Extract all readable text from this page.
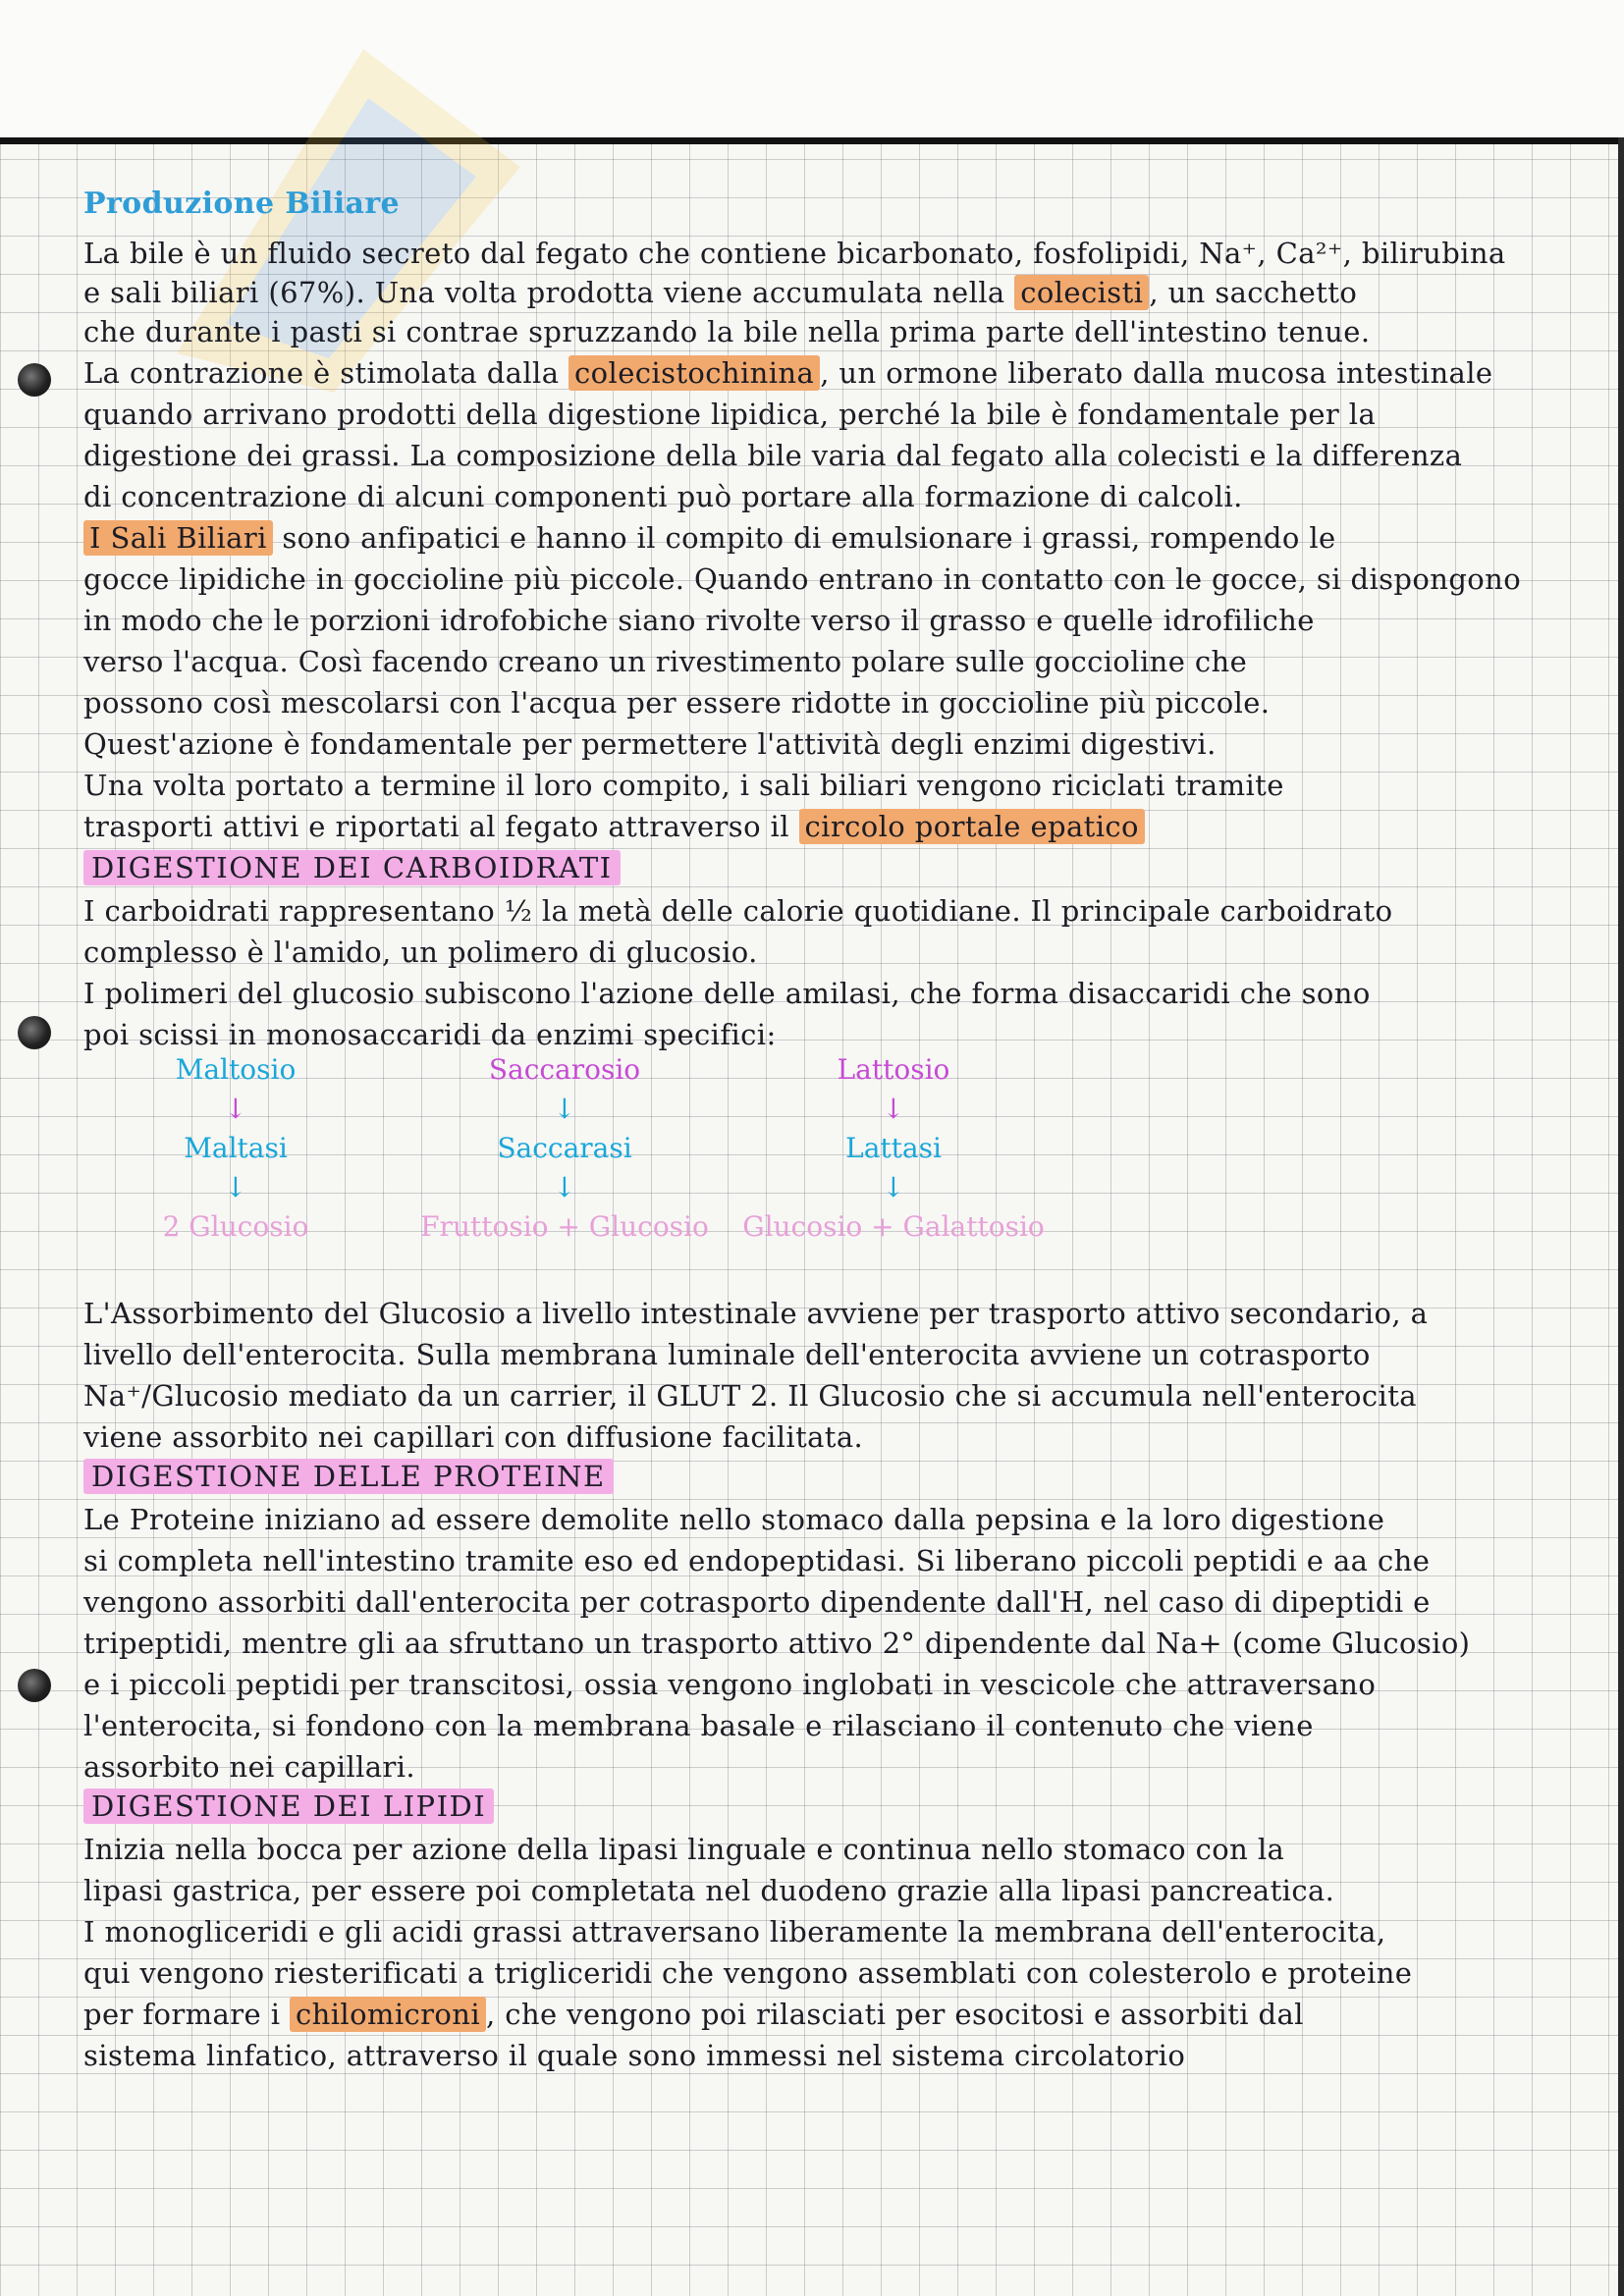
Produzione Biliare
La bile è un fluido secreto dal fegato che contiene bicarbonato, fosfolipidi, Na⁺, Ca²⁺, bilirubina
e sali biliari (67%). Una volta prodotta viene accumulata nella colecisti , un sacchetto
che durante i pasti si contrae spruzzando la bile nella prima parte dell'intestino tenue.
La contrazione è stimolata dalla colecistochinina , un ormone liberato dalla mucosa intestinale
quando arrivano prodotti della digestione lipidica, perché la bile è fondamentale per la
digestione dei grassi. La composizione della bile varia dal fegato alla colecisti e la differenza
di concentrazione di alcuni componenti può portare alla formazione di calcoli.
I Sali Biliari sono anfipatici e hanno il compito di emulsionare i grassi, rompendo le
gocce lipidiche in goccioline più piccole. Quando entrano in contatto con le gocce, si dispongono
in modo che le porzioni idrofobiche siano rivolte verso il grasso e quelle idrofiliche
verso l'acqua. Così facendo creano un rivestimento polare sulle goccioline che
possono così mescolarsi con l'acqua per essere ridotte in goccioline più piccole.
Quest'azione è fondamentale per permettere l'attività degli enzimi digestivi.
Una volta portato a termine il loro compito, i sali biliari vengono riciclati tramite
trasporti attivi e riportati al fegato attraverso il circolo portale epatico
DIGESTIONE DEI CARBOIDRATI
I carboidrati rappresentano ½ la metà delle calorie quotidiane. Il principale carboidrato
complesso è l'amido, un polimero di glucosio.
I polimeri del glucosio subiscono l'azione delle amilasi, che forma disaccaridi che sono
poi scissi in monosaccaridi da enzimi specifici:
Maltosio
↓
Maltasi
↓
2 Glucosio
Saccarosio
↓
Saccarasi
↓
Fruttosio + Glucosio
Lattosio
↓
Lattasi
↓
Glucosio + Galattosio
L'Assorbimento del Glucosio a livello intestinale avviene per trasporto attivo secondario, a
livello dell'enterocita. Sulla membrana luminale dell'enterocita avviene un cotrasporto
Na⁺/Glucosio mediato da un carrier, il GLUT 2. Il Glucosio che si accumula nell'enterocita
viene assorbito nei capillari con diffusione facilitata.
DIGESTIONE DELLE PROTEINE
Le Proteine iniziano ad essere demolite nello stomaco dalla pepsina e la loro digestione
si completa nell'intestino tramite eso ed endopeptidasi. Si liberano piccoli peptidi e aa che
vengono assorbiti dall'enterocita per cotrasporto dipendente dall'H, nel caso di dipeptidi e
tripeptidi, mentre gli aa sfruttano un trasporto attivo 2° dipendente dal Na+ (come Glucosio)
e i piccoli peptidi per transcitosi, ossia vengono inglobati in vescicole che attraversano
l'enterocita, si fondono con la membrana basale e rilasciano il contenuto che viene
assorbito nei capillari.
DIGESTIONE DEI LIPIDI
Inizia nella bocca per azione della lipasi linguale e continua nello stomaco con la
lipasi gastrica, per essere poi completata nel duodeno grazie alla lipasi pancreatica.
I monogliceridi e gli acidi grassi attraversano liberamente la membrana dell'enterocita,
qui vengono riesterificati a trigliceridi che vengono assemblati con colesterolo e proteine
per formare i chilomicroni , che vengono poi rilasciati per esocitosi e assorbiti dal
sistema linfatico, attraverso il quale sono immessi nel sistema circolatorio
